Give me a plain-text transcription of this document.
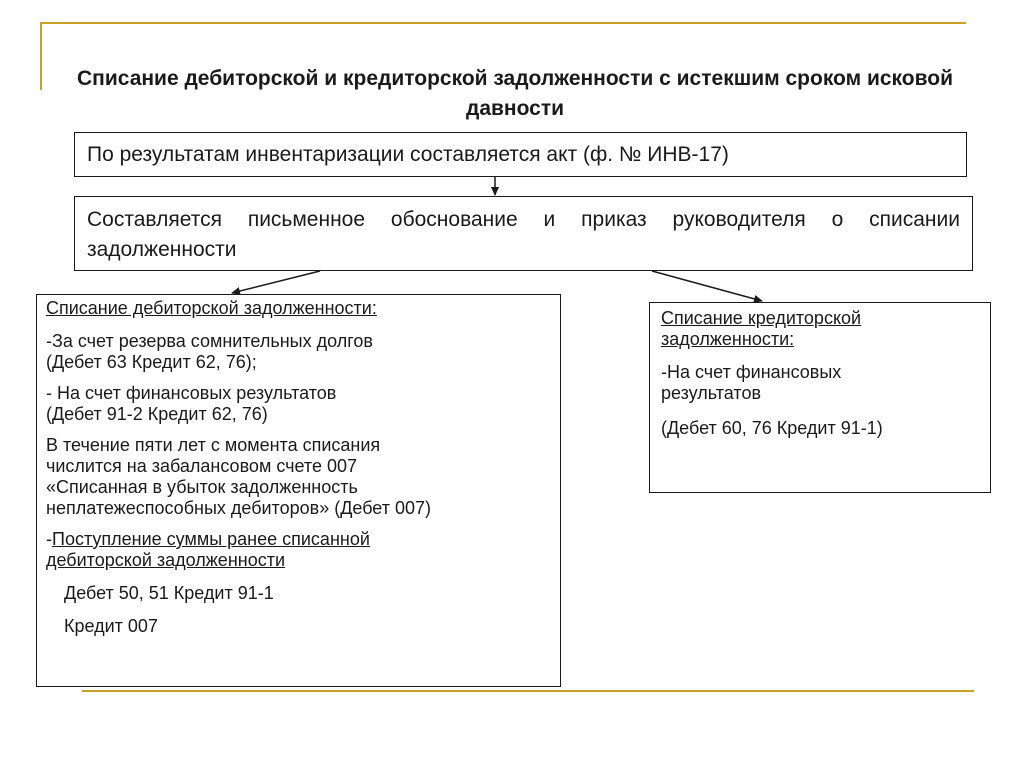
Списание дебиторской и кредиторской задолженности с истекшим сроком исковой давности
По результатам инвентаризации составляется акт (ф. № ИНВ-17)
Составляется письменное обоснование и приказ руководителя о списании задолженности

Списание дебиторской задолженности:

-За счет резерва сомнительных долгов

(Дебет 63 Кредит 62, 76);

- На счет финансовых результатов

(Дебет 91-2 Кредит 62, 76)

В течение пяти лет с момента списания

числится на забалансовом счете 007

«Списанная в убыток задолженность

неплатежеспособных дебиторов» (Дебет 007)

-Поступление суммы ранее списанной

дебиторской задолженности

Дебет 50, 51 Кредит 91-1

Кредит 007

Списание кредиторской

задолженности:

-На счет финансовых

результатов

(Дебет 60, 76 Кредит 91-1)
